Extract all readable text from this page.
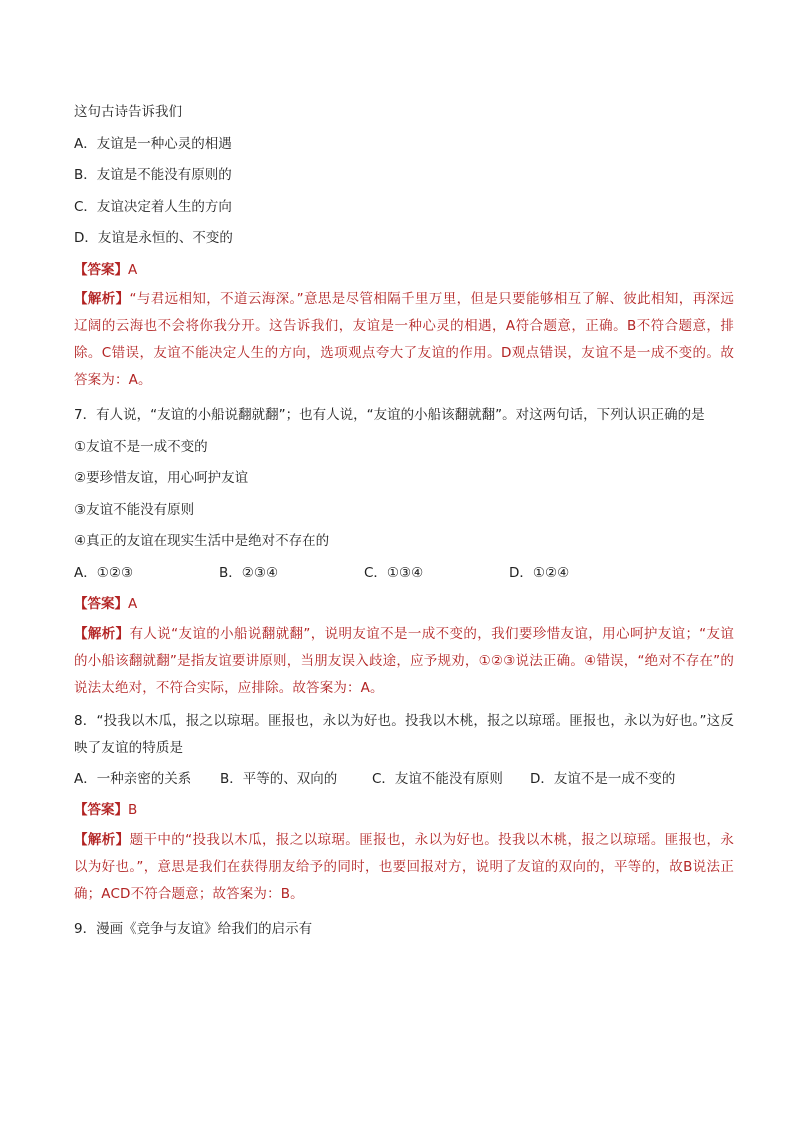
这句古诗告诉我们
A．友谊是一种心灵的相遇
B．友谊是不能没有原则的
C．友谊决定着人生的方向
D．友谊是永恒的、不变的
【答案】A
【解析】“与君远相知，不道云海深。”意思是尽管相隔千里万里，但是只要能够相互了解、彼此相知，再深远辽阔的云海也不会将你我分开。这告诉我们，友谊是一种心灵的相遇，A符合题意，正确。B不符合题意，排除。C错误，友谊不能决定人生的方向，选项观点夸大了友谊的作用。D观点错误，友谊不是一成不变的。故答案为：A。
7．有人说，“友谊的小船说翻就翻”；也有人说，“友谊的小船该翻就翻”。对这两句话，下列认识正确的是
①友谊不是一成不变的
②要珍惜友谊，用心呵护友谊
③友谊不能没有原则
④真正的友谊在现实生活中是绝对不存在的
A．①②③	B．②③④	C．①③④	D．①②④
【答案】A
【解析】有人说“友谊的小船说翻就翻”，说明友谊不是一成不变的，我们要珍惜友谊，用心呵护友谊；“友谊的小船该翻就翻”是指友谊要讲原则，当朋友误入歧途，应予规劝，①②③说法正确。④错误，“绝对不存在”的说法太绝对，不符合实际，应排除。故答案为：A。
8．“投我以木瓜，报之以琼琚。匪报也，永以为好也。投我以木桃，报之以琼瑶。匪报也，永以为好也。”这反映了友谊的特质是
A．一种亲密的关系	B．平等的、双向的	C．友谊不能没有原则	D．友谊不是一成不变的
【答案】B
【解析】题干中的“投我以木瓜，报之以琼琚。匪报也，永以为好也。投我以木桃，报之以琼瑶。匪报也，永以为好也。”，意思是我们在获得朋友给予的同时，也要回报对方，说明了友谊的双向的，平等的，故B说法正确；ACD不符合题意；故答案为：B。
9．漫画《竞争与友谊》给我们的启示有
